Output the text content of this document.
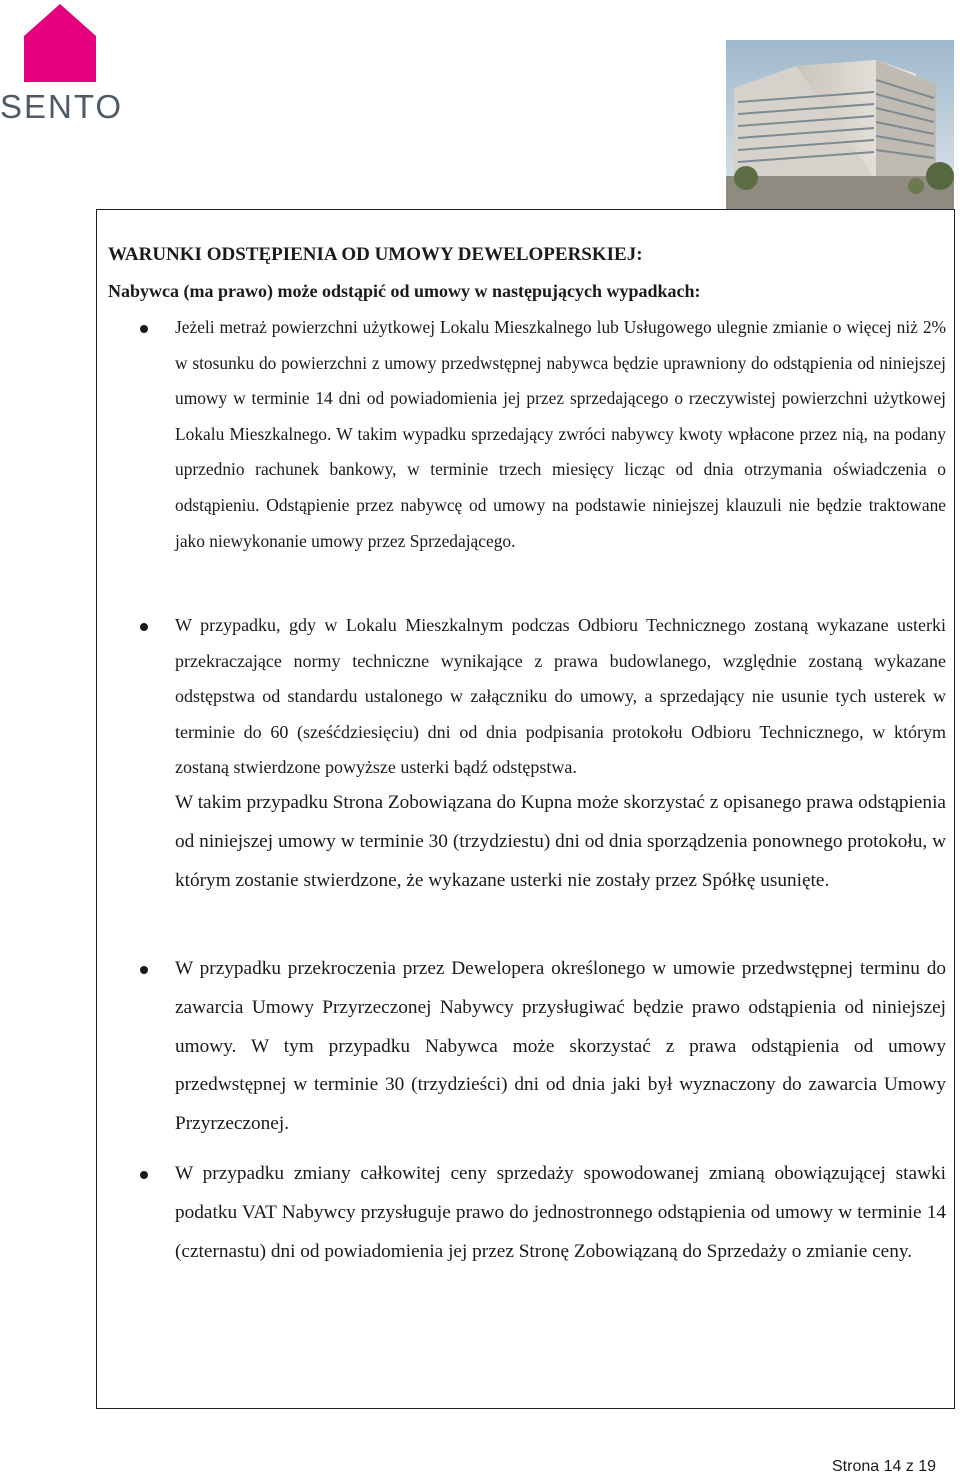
SENTO
WARUNKI ODSTĘPIENIA OD UMOWY DEWELOPERSKIEJ:
Nabywca (ma prawo) może odstąpić od umowy w następujących wypadkach:

Jeżeli metraż powierzchni użytkowej Lokalu Mieszkalnego lub Usługowego ulegnie zmianie o więcej niż 2% w stosunku do powierzchni z umowy przedwstępnej nabywca będzie uprawniony do odstąpienia od niniejszej umowy w terminie 14 dni od powiadomienia jej przez sprzedającego o rzeczywistej powierzchni użytkowej Lokalu Mieszkalnego. W takim wypadku sprzedający zwróci nabywcy kwoty wpłacone przez nią, na podany uprzednio rachunek bankowy, w terminie trzech miesięcy licząc od dnia otrzymania oświadczenia o odstąpieniu. Odstąpienie przez nabywcę od umowy na podstawie niniejszej klauzuli nie będzie traktowane jako niewykonanie umowy przez Sprzedającego.

W przypadku, gdy w Lokalu Mieszkalnym podczas Odbioru Technicznego zostaną wykazane usterki przekraczające normy techniczne wynikające z prawa budowlanego, względnie zostaną wykazane odstępstwa od standardu ustalonego w załączniku do umowy, a sprzedający nie usunie tych usterek w terminie do 60 (sześćdziesięciu) dni od dnia podpisania protokołu Odbioru Technicznego, w którym zostaną stwierdzone powyższe usterki bądź odstępstwa.

W takim przypadku Strona Zobowiązana do Kupna może skorzystać z opisanego prawa odstąpienia od niniejszej umowy w terminie 30 (trzydziestu) dni od dnia sporządzenia ponownego protokołu, w którym zostanie stwierdzone, że wykazane usterki nie zostały przez Spółkę usunięte.

W przypadku przekroczenia przez Dewelopera określonego w umowie przedwstępnej terminu do zawarcia Umowy Przyrzeczonej Nabywcy przysługiwać będzie prawo odstąpienia od niniejszej umowy. W tym przypadku Nabywca może skorzystać z prawa odstąpienia od umowy przedwstępnej w terminie 30 (trzydzieści) dni od dnia jaki był wyznaczony do zawarcia Umowy Przyrzeczonej.

W przypadku zmiany całkowitej ceny sprzedaży spowodowanej zmianą obowiązującej stawki podatku VAT Nabywcy przysługuje prawo do jednostronnego odstąpienia od umowy w terminie 14 (czternastu) dni od powiadomienia jej przez Stronę Zobowiązaną do Sprzedaży o zmianie ceny.

Strona 14 z 19
